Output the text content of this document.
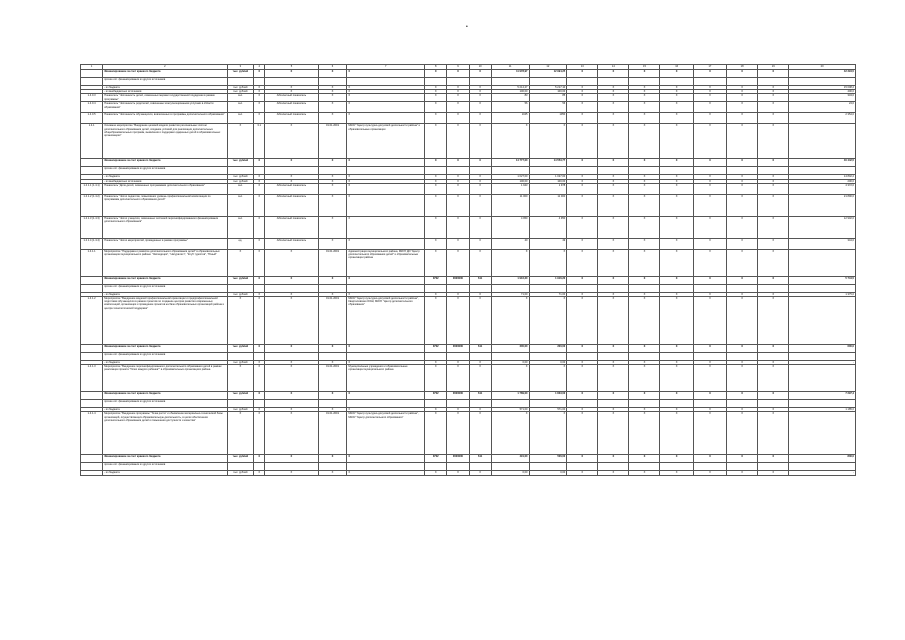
•
1	2	3	4	5	6	7	8	9	10	11	12	13	14	15	16	17	18	19	20
	Финансирование за счет краевого бюджета	тыс. рублей	X	X	X	X	X	X	X	11 978,97	12 994,25	X	X	X	X	X	X	X	42 394,5
	прочие ист. финансирования из других источников																		
	- из бюджета	тыс. рублей	X	X	X	X	X	X	X	5 214,27	5 217,10	X	X	X	X	X	X	X	15 008,2
	- из внебюджетных источников	тыс. рублей	X	X	X	X	X	X	X	100,00	100,00	X	X	X	X	X	X	X	400,0
1.4.0.3	Показатель "Численность детей, охваченных мерами государственной поддержки в рамках программы"	чел.	X	Абсолютный показатель	X	X	X	X	X	83	85	X	X	X	X	X	X	X	343,0
1.4.0.4	Показатель "Численность родителей, охваченных консультационными услугами в области образования"	чел.	X	Абсолютный показатель	X	X	X	X	X	56	56	X	X	X	X	X	X	X	24,0
1.4.0.5	Показатель "Численность обучающихся, вовлеченных в программы дополнительного образования"	чел.	X	Абсолютный показатель	X	X	X	X	X	1045	1050	X	X	X	X	X	X	X	2 354,0
1.4.1	Основное мероприятие "Внедрение целевой модели развития региональных систем дополнительного образования детей, создание условий для реализации дополнительных общеобразовательных программ, выявления и поддержки одаренных детей в образовательных организациях"	X	3.1	X	01.01.2019	МКОУ "Центр культурно-досуговой деятельности района" и образовательные организации	X	X	X	X	X	X	X	X	X	X	X	X	
	Финансирование за счет краевого бюджета	тыс. рублей	X	X	X	X	X	X	X	14 777,00	14 553,77	X	X	X	X	X	X	X	40 442,5
	прочие ист. финансирования из других источников																		
	- из бюджета	тыс. рублей	X	X	X	X	X	X	X	1 027,00	1 027,00	X	X	X	X	X	X	X	14 802,2
	- из внебюджетных источников	тыс. рублей	X	X	X	X	X	X	X	100,00	100,00	X	X	X	X	X	X	X	200,0
1.4.1.1 (1.4.1)	Показатель "Доля детей, охваченных программами дополнительного образования"	чел.	X	Абсолютный показатель	X	X	X	X	X	1 943	1 978	X	X	X	X	X	X	X	4 372,0
1.4.1.2 (1.4.2)	Показатель "Число педагогов, повысивших уровень профессиональной компетенции по программам дополнительного образования детей"	чел.	X	Абсолютный показатель	X	X	X	X	X	11 000	11 000	X	X	X	X	X	X	X	21 890,0
1.4.1.3 (1.4.3)	Показатель "Число учащихся, охваченных системой персонифицированного финансирования дополнительного образования"	чел.	X	Абсолютный показатель	X	X	X	X	X	4 950	4 950	X	X	X	X	X	X	X	12 902,0
1.4.1.4 (1.4.4)	Показатель "Число мероприятий, проведенных в рамках программы"	ед.	X	Абсолютный показатель	X	X	X	X	X	40	49	X	X	X	X	X	X	X	344,0
1.4.1.1	Мероприятие "Поддержка и развитие дополнительного образования детей" в образовательных организациях муниципального района: "Экспедиция", "Натуралист", "Клуб туристов", "Юный"	X	X	X	01.01.2019	Администрация муниципального района, МКОУ ДО "Центр дополнительного образования детей" и образовательные организации района	X	X	X	X	X	X	X	X	X	X	X	X	
	Финансирование за счет краевого бюджета	тыс. рублей	X	X	X	X	0702	0000000	611	1 916,20	1 916,20	X	X	X	X	X	X	X	5 744,5
	прочие ист. финансирования из других источников																		
	- из бюджета	тыс. рублей	X	X	X	X	X	X	X	71,00	71,00	X	X	X	X	X	X	X	1 375,0
1.4.1.2	Мероприятие "Внедрение моделей профессиональной ориентации и предпрофессиональной подготовки обучающихся в рамках проектов по созданию центров развития современных компетенций, организация и проведение проектов на базе образовательных организаций района и центра технологической поддержки"	X	X	X	01.01.2019	МКОУ "Центр культурно-досуговой деятельности района", Кварталовская ООШ, МКОУ "Центр дополнительного образования"	X	X	X	X	X	X	X	X	X	X	X	X	
	Финансирование за счет краевого бюджета	тыс. рублей	X	X	X	X	0702	0000000	611	200,00	200,00	X	X	X	X	X	X	X	600,0
	прочие ист. финансирования из других источников																		
	- из бюджета	тыс. рублей	X	X	X	X	X	X	X	0,00	0,00	X	X	X	X	X	X	X	-
1.4.1.3	Мероприятие "Внедрение персонифицированного дополнительного образования детей в рамках реализации проекта "Успех каждого ребенка"" в образовательных организациях района	X	X	X	01.01.2019	Муниципальные учреждения и образовательные организации муниципального района	X	X	X	X	X	X	X	X	X	X	X	X	
	Финансирование за счет краевого бюджета	тыс. рублей	X	X	X	X	0702	0000000	611	1 789,00	1 833,00	X	X	X	X	X	X	X	7 297,4
	прочие ист. финансирования из других источников																		
	- из бюджета	тыс. рублей	X	X	X	X	X	X	X	571,00	571,00	X	X	X	X	X	X	X	1 185,0
1.4.1.4	Мероприятие "Внедрение программы "Точка роста" и обновление материально-технической базы организаций, осуществляющих образовательную деятельность, в целях обеспечения дополнительного образования детей и повышения доступности и качества"	X	X	X	01.01.2019	МКОУ "Центр культурно-досуговой деятельности района", МКОУ "Центр дополнительного образования"	X	X	X	X	X	X	X	X	X	X	X	X	
	Финансирование за счет краевого бюджета	тыс. рублей	X	X	X	X	0702	0000000	611	491,00	506,00	X	X	X	X	X	X	X	836,0
	прочие ист. финансирования из других источников																		
	- из бюджета	тыс. рублей	X	X	X	X	X	X	X	0,00	0,00	X	X	X	X	X	X	X	-
